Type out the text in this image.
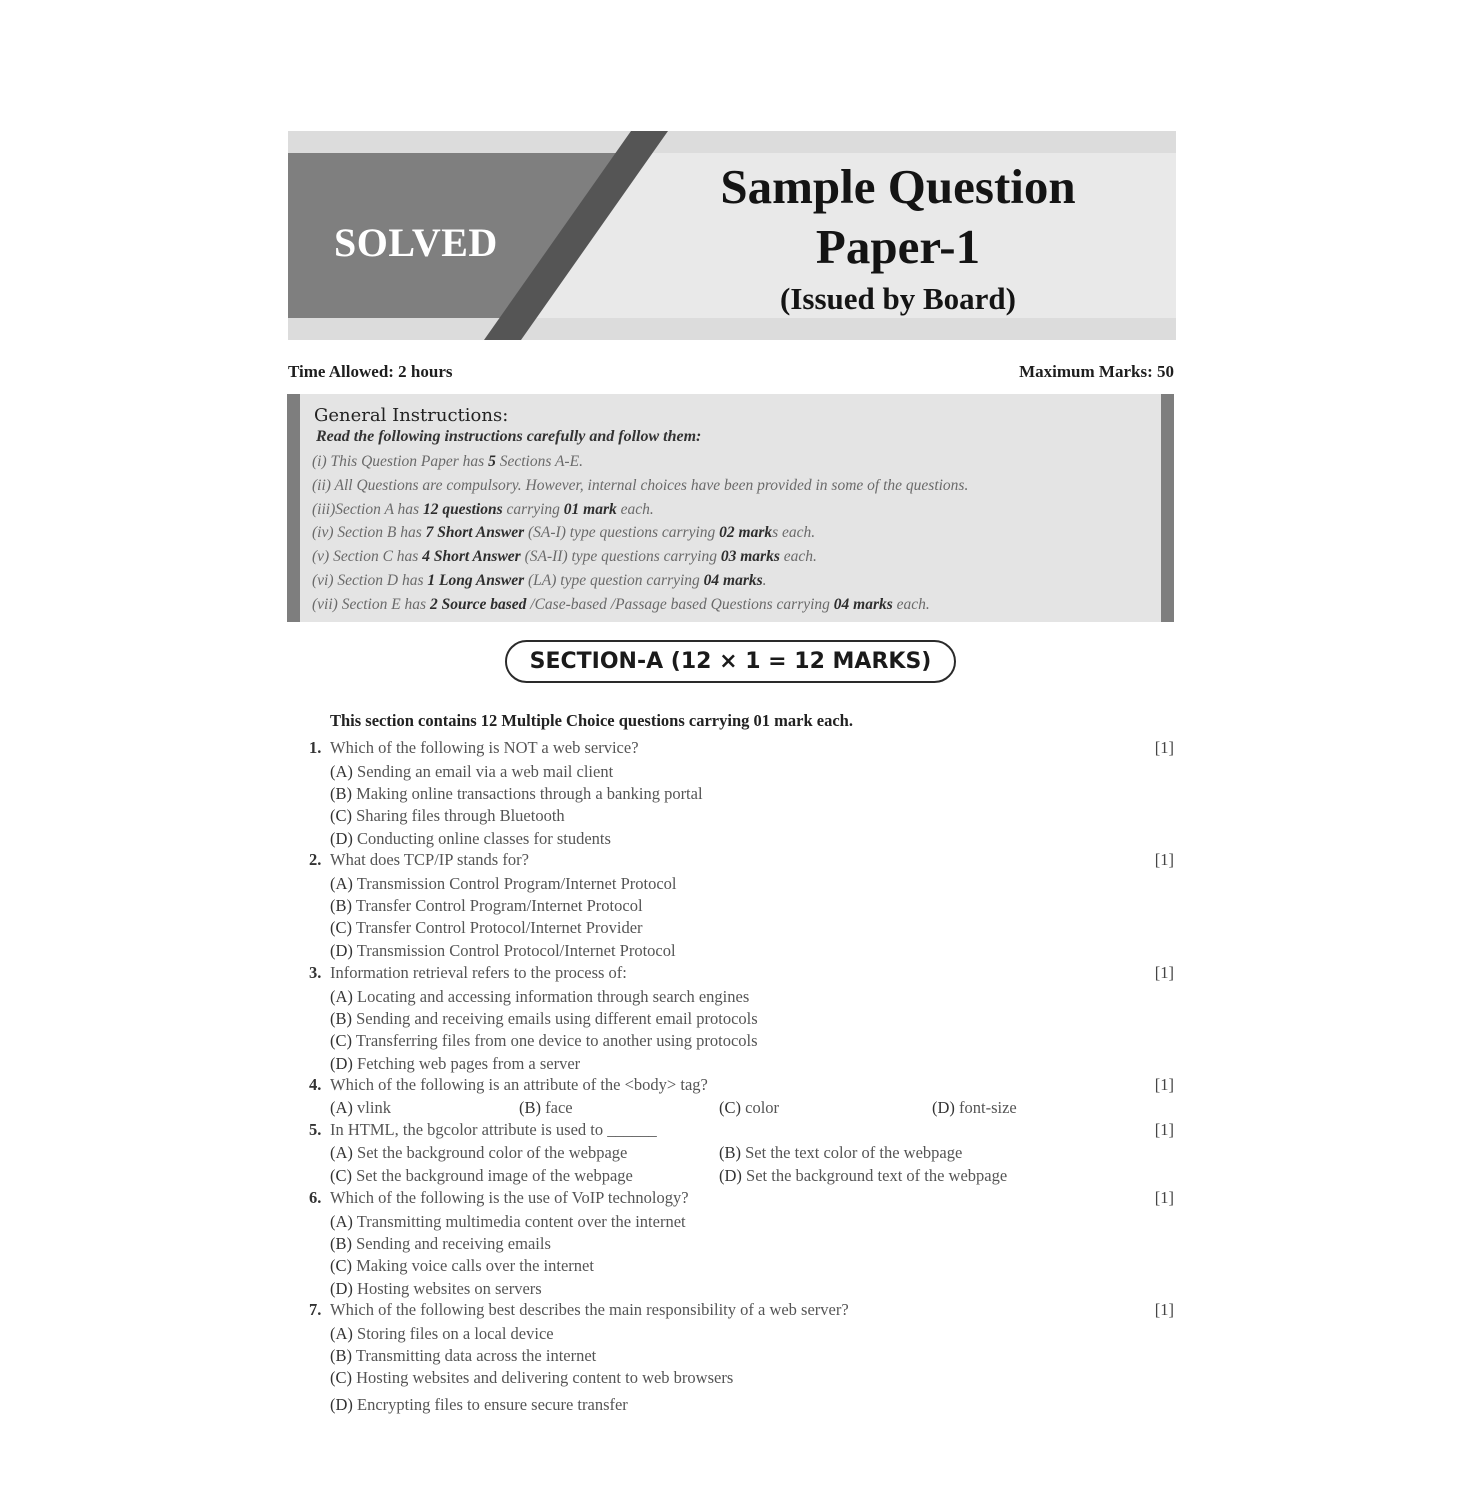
SOLVED
Sample Question
Paper-1
(Issued by Board)
Time Allowed: 2 hours	Maximum Marks: 50
General Instructions:
Read the following instructions carefully and follow them:
(i) This Question Paper has 5 Sections A-E.
(ii) All Questions are compulsory. However, internal choices have been provided in some of the questions.
(iii)Section A has 12 questions carrying 01 mark each.
(iv) Section B has 7 Short Answer (SA-I) type questions carrying 02 marks each.
(v) Section C has 4 Short Answer (SA-II) type questions carrying 03 marks each.
(vi) Section D has 1 Long Answer (LA) type question carrying 04 marks.
(vii) Section E has 2 Source based /Case-based /Passage based Questions carrying 04 marks each.
SECTION-A (12 × 1 = 12 MARKS)
This section contains 12 Multiple Choice questions carrying 01 mark each.
1. Which of the following is NOT a web service?	[1]
(A) Sending an email via a web mail client
(B) Making online transactions through a banking portal
(C) Sharing files through Bluetooth
(D) Conducting online classes for students
2. What does TCP/IP stands for?	[1]
(A) Transmission Control Program/Internet Protocol
(B) Transfer Control Program/Internet Protocol
(C) Transfer Control Protocol/Internet Provider
(D) Transmission Control Protocol/Internet Protocol
3. Information retrieval refers to the process of:	[1]
(A) Locating and accessing information through search engines
(B) Sending and receiving emails using different email protocols
(C) Transferring files from one device to another using protocols
(D) Fetching web pages from a server
4. Which of the following is an attribute of the <body> tag?	[1]
(A) vlink	(B) face	(C) color	(D) font-size
5. In HTML, the bgcolor attribute is used to ______	[1]
(A) Set the background color of the webpage	(B) Set the text color of the webpage
(C) Set the background image of the webpage	(D) Set the background text of the webpage
6. Which of the following is the use of VoIP technology?	[1]
(A) Transmitting multimedia content over the internet
(B) Sending and receiving emails
(C) Making voice calls over the internet
(D) Hosting websites on servers
7. Which of the following best describes the main responsibility of a web server?	[1]
(A) Storing files on a local device
(B) Transmitting data across the internet
(C) Hosting websites and delivering content to web browsers
(D) Encrypting files to ensure secure transfer
